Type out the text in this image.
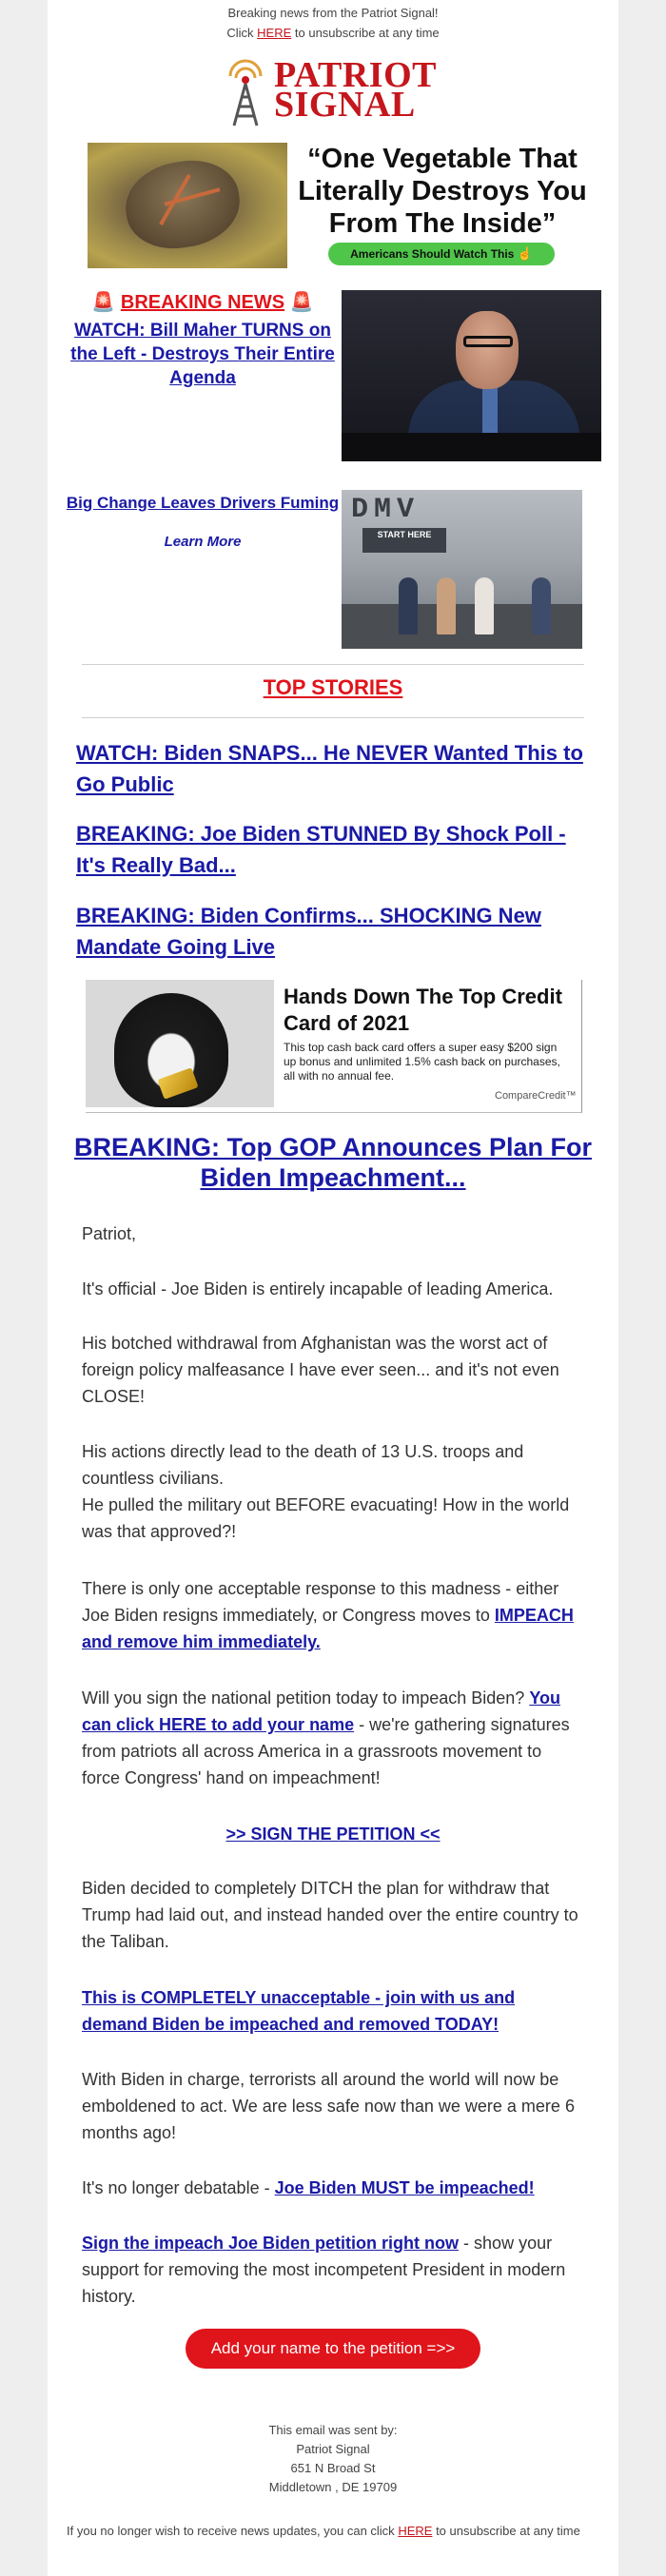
Breaking news from the Patriot Signal!
Click HERE to unsubscribe at any time
PATRIOT
SIGNAL
“One Vegetable That Literally Destroys You From The Inside”
Americans Should Watch This ☝
🚨 BREAKING NEWS 🚨
WATCH: Bill Maher TURNS on the Left - Destroys Their Entire Agenda
Big Change Leaves Drivers Fuming
Learn More
DMV
START HERE
TOP STORIES
WATCH: Biden SNAPS... He NEVER Wanted This to Go Public
BREAKING: Joe Biden STUNNED By Shock Poll - It's Really Bad...
BREAKING: Biden Confirms... SHOCKING New Mandate Going Live
Hands Down The Top Credit Card of 2021
This top cash back card offers a super easy $200 sign up bonus and unlimited 1.5% cash back on purchases, all with no annual fee.
CompareCredit™
BREAKING: Top GOP Announces Plan For Biden Impeachment...
Patriot,
It's official - Joe Biden is entirely incapable of leading America.
His botched withdrawal from Afghanistan was the worst act of foreign policy malfeasance I have ever seen... and it's not even CLOSE!
His actions directly lead to the death of 13 U.S. troops and countless civilians.
He pulled the military out BEFORE evacuating! How in the world was that approved?!
There is only one acceptable response to this madness - either Joe Biden resigns immediately, or Congress moves to IMPEACH and remove him immediately.
Will you sign the national petition today to impeach Biden? You can click HERE to add your name - we're gathering signatures from patriots all across America in a grassroots movement to force Congress' hand on impeachment!
>> SIGN THE PETITION <<
Biden decided to completely DITCH the plan for withdraw that Trump had laid out, and instead handed over the entire country to the Taliban.
This is COMPLETELY unacceptable - join with us and demand Biden be impeached and removed TODAY!
With Biden in charge, terrorists all around the world will now be emboldened to act. We are less safe now than we were a mere 6 months ago!
It's no longer debatable - Joe Biden MUST be impeached!
Sign the impeach Joe Biden petition right now - show your support for removing the most incompetent President in modern history.
Add your name to the petition =>>
This email was sent by:
Patriot Signal
651 N Broad St
Middletown , DE 19709
If you no longer wish to receive news updates, you can click HERE to unsubscribe at any time
